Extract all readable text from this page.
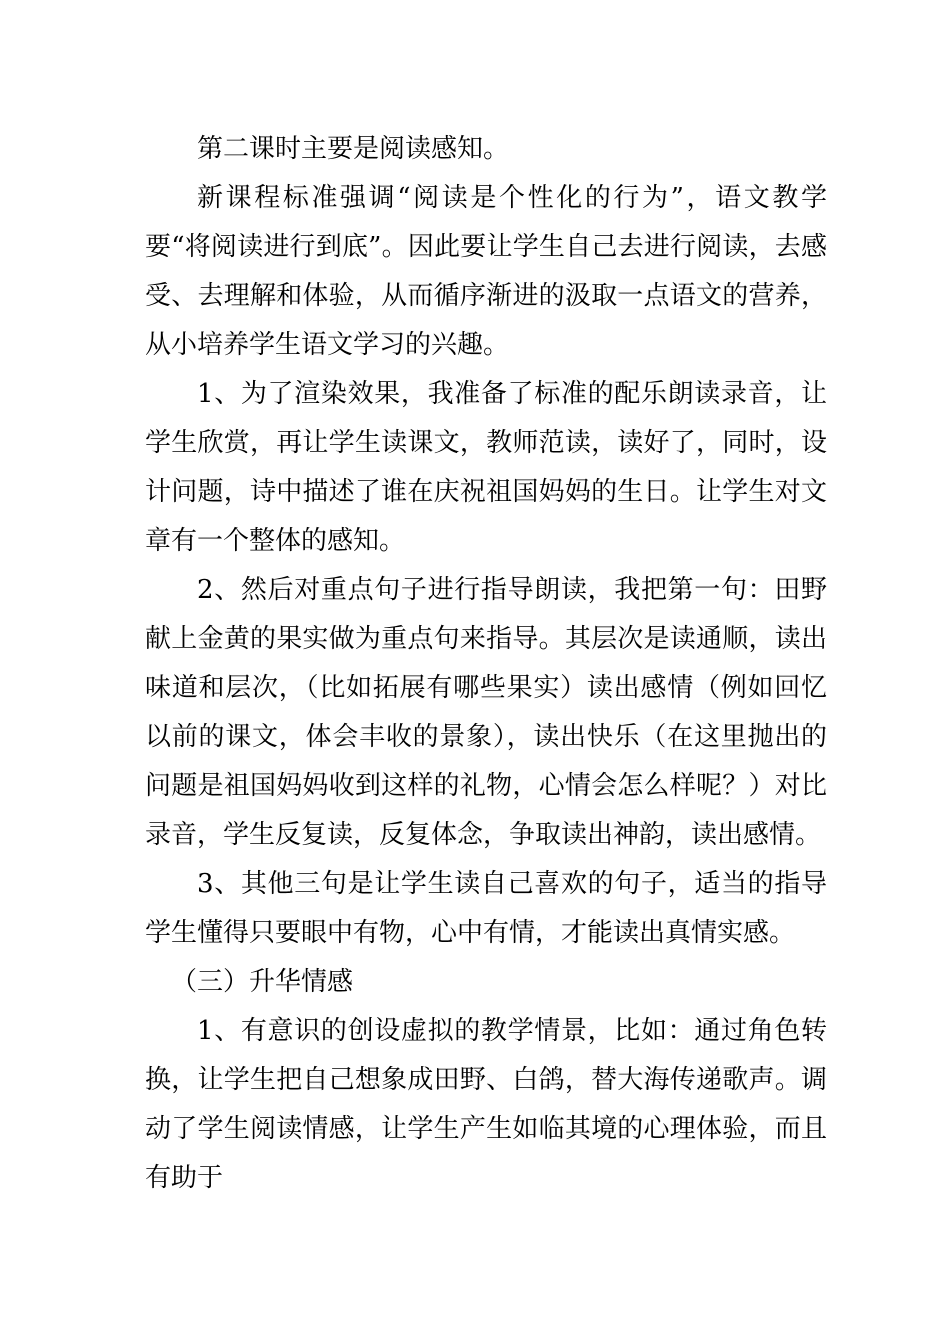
第二课时主要是阅读感知。

新课程标准强调“阅读是个性化的行为”，语文教学要“将阅读进行到底”。因此要让学生自己去进行阅读，去感受、去理解和体验，从而循序渐进的汲取一点语文的营养，从小培养学生语文学习的兴趣。

1、为了渲染效果，我准备了标准的配乐朗读录音，让学生欣赏，再让学生读课文，教师范读，读好了，同时，设计问题，诗中描述了谁在庆祝祖国妈妈的生日。让学生对文章有一个整体的感知。

2、然后对重点句子进行指导朗读，我把第一句：田野献上金黄的果实做为重点句来指导。其层次是读通顺，读出味道和层次，（比如拓展有哪些果实）读出感情（例如回忆以前的课文，体会丰收的景象），读出快乐（在这里抛出的问题是祖国妈妈收到这样的礼物，心情会怎么样呢？）对比录音，学生反复读，反复体念，争取读出神韵，读出感情。

3、其他三句是让学生读自己喜欢的句子，适当的指导学生懂得只要眼中有物，心中有情，才能读出真情实感。

（三）升华情感

1、有意识的创设虚拟的教学情景，比如：通过角色转换，让学生把自己想象成田野、白鸽，替大海传递歌声。调动了学生阅读情感，让学生产生如临其境的心理体验，而且有助于
